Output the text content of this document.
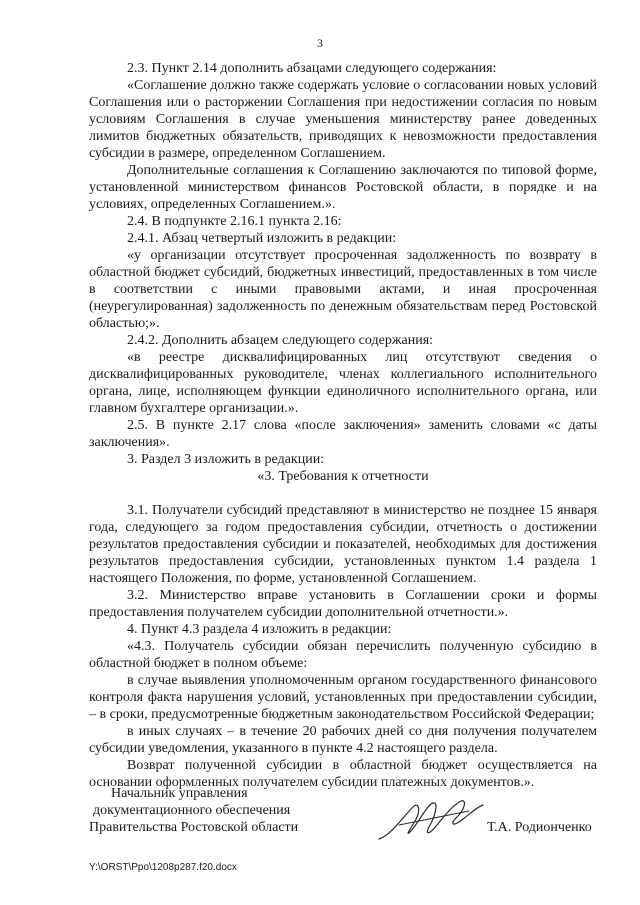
3

2.3. Пункт 2.14 дополнить абзацами следующего содержания:

«Соглашение должно также содержать условие о согласовании новых условий Соглашения или о расторжении Соглашения при недостижении согласия по новым условиям Соглашения в случае уменьшения министерству ранее доведенных лимитов бюджетных обязательств, приводящих к невозможности предоставления субсидии в размере, определенном Соглашением.

Дополнительные соглашения к Соглашению заключаются по типовой форме, установленной министерством финансов Ростовской области, в порядке и на условиях, определенных Соглашением.».

2.4. В подпункте 2.16.1 пункта 2.16:

2.4.1. Абзац четвертый изложить в редакции:

«у организации отсутствует просроченная задолженность по возврату в областной бюджет субсидий, бюджетных инвестиций, предоставленных в том числе в соответствии с иными правовыми актами, и иная просроченная (неурегулированная) задолженность по денежным обязательствам перед Ростовской областью;».

2.4.2. Дополнить абзацем следующего содержания:

«в реестре дисквалифицированных лиц отсутствуют сведения о дисквалифицированных руководителе, членах коллегиального исполнительного органа, лице, исполняющем функции единоличного исполнительного органа, или главном бухгалтере организации.».

2.5. В пункте 2.17 слова «после заключения» заменить словами «с даты заключения».

3. Раздел 3 изложить в редакции:

«3. Требования к отчетности

3.1. Получатели субсидий представляют в министерство не позднее 15 января года, следующего за годом предоставления субсидии, отчетность о достижении результатов предоставления субсидии и показателей, необходимых для достижения результатов предоставления субсидии, установленных пунктом 1.4 раздела 1 настоящего Положения, по форме, установленной Соглашением.

3.2. Министерство вправе установить в Соглашении сроки и формы предоставления получателем субсидии дополнительной отчетности.».

4. Пункт 4.3 раздела 4 изложить в редакции:

«4.3. Получатель субсидии обязан перечислить полученную субсидию в областной бюджет в полном объеме:

в случае выявления уполномоченным органом государственного финансового контроля факта нарушения условий, установленных при предоставлении субсидии, – в сроки, предусмотренные бюджетным законодательством Российской Федерации;

в иных случаях – в течение 20 рабочих дней со дня получения получателем субсидии уведомления, указанного в пункте 4.2 настоящего раздела.

Возврат полученной субсидии в областной бюджет осуществляется на основании оформленных получателем субсидии платежных документов.».

Начальник управления
документационного обеспечения
Правительства Ростовской области	Т.А. Родионченко
Y:\ORST\Ppo\1208p287.f20.docx
